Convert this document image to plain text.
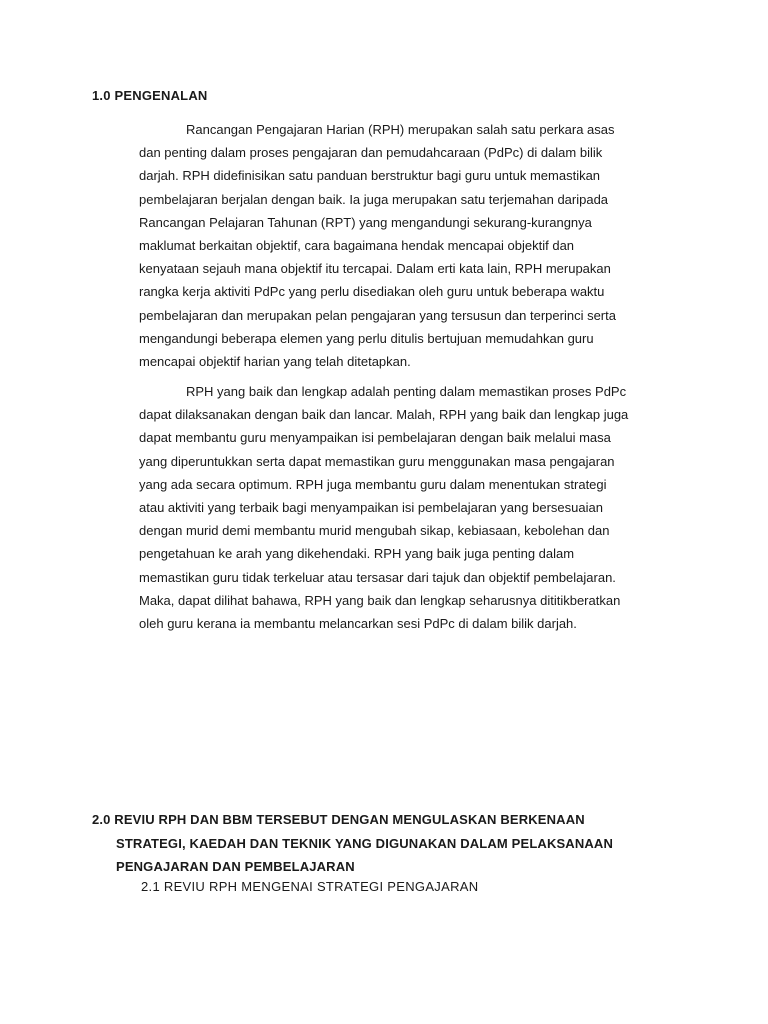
1.0 PENGENALAN

Rancangan Pengajaran Harian (RPH) merupakan salah satu perkara asas
dan penting dalam proses pengajaran dan pemudahcaraan (PdPc) di dalam bilik
darjah. RPH didefinisikan satu panduan berstruktur bagi guru untuk memastikan
pembelajaran berjalan dengan baik. Ia juga merupakan satu terjemahan daripada
Rancangan Pelajaran Tahunan (RPT) yang mengandungi sekurang-kurangnya
maklumat berkaitan objektif, cara bagaimana hendak mencapai objektif dan
kenyataan sejauh mana objektif itu tercapai. Dalam erti kata lain, RPH merupakan
rangka kerja aktiviti PdPc yang perlu disediakan oleh guru untuk beberapa waktu
pembelajaran dan merupakan pelan pengajaran yang tersusun dan terperinci serta
mengandungi beberapa elemen yang perlu ditulis bertujuan memudahkan guru
mencapai objektif harian yang telah ditetapkan.

RPH yang baik dan lengkap adalah penting dalam memastikan proses PdPc
dapat dilaksanakan dengan baik dan lancar. Malah, RPH yang baik dan lengkap juga
dapat membantu guru menyampaikan isi pembelajaran dengan baik melalui masa
yang diperuntukkan serta dapat memastikan guru menggunakan masa pengajaran
yang ada secara optimum. RPH juga membantu guru dalam menentukan strategi
atau aktiviti yang terbaik bagi menyampaikan isi pembelajaran yang bersesuaian
dengan murid demi membantu murid mengubah sikap, kebiasaan, kebolehan dan
pengetahuan ke arah yang dikehendaki. RPH yang baik juga penting dalam
memastikan guru tidak terkeluar atau tersasar dari tajuk dan objektif pembelajaran.
Maka, dapat dilihat bahawa, RPH yang baik dan lengkap seharusnya dititikberatkan
oleh guru kerana ia membantu melancarkan sesi PdPc di dalam bilik darjah.

2.0 REVIU RPH DAN BBM TERSEBUT DENGAN MENGULASKAN BERKENAAN
STRATEGI, KAEDAH DAN TEKNIK YANG DIGUNAKAN DALAM PELAKSANAAN
PENGAJARAN DAN PEMBELAJARAN
2.1 REVIU RPH MENGENAI STRATEGI PENGAJARAN
